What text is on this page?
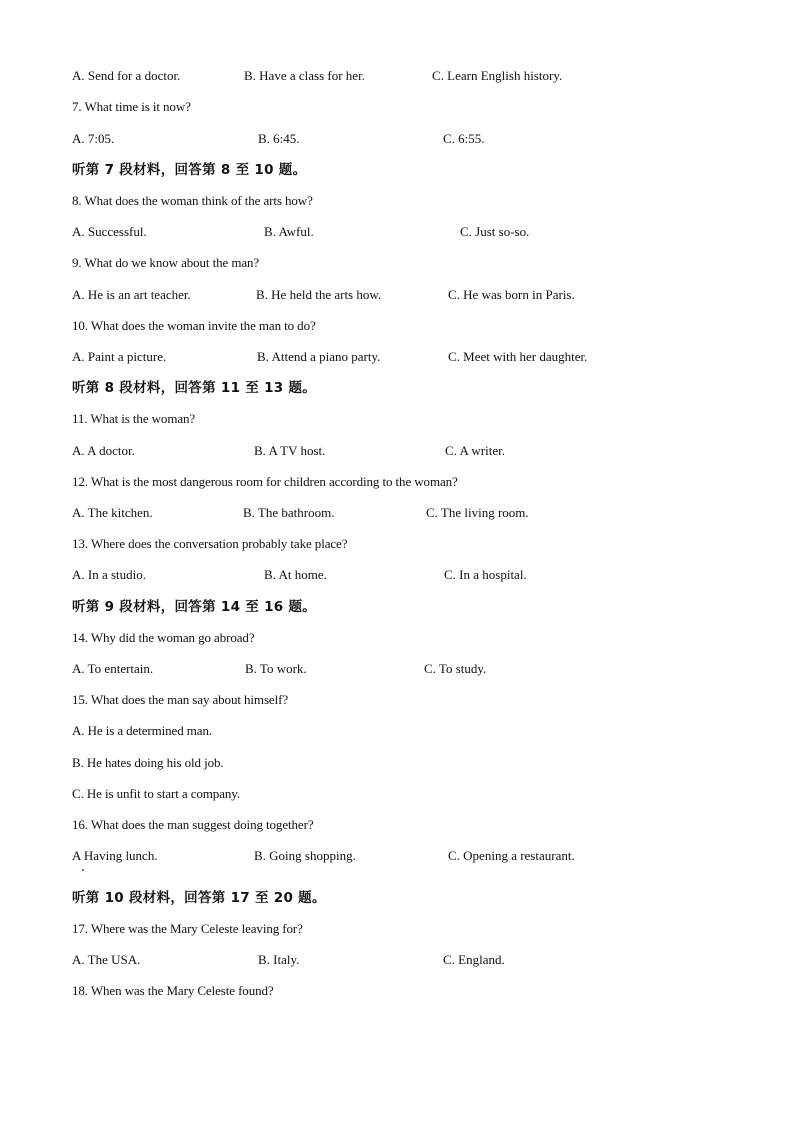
A. Send for a doctor.	B. Have a class for her.	C. Learn English history.
7. What time is it now?
A. 7:05.	B. 6:45.	C. 6:55.
听第 7 段材料，回答第 8 至 10 题。
8. What does the woman think of the arts how?
A. Successful.	B. Awful.	C. Just so-so.
9. What do we know about the man?
A. He is an art teacher.	B. He held the arts how.	C. He was born in Paris.
10. What does the woman invite the man to do?
A. Paint a picture.	B. Attend a piano party.	C. Meet with her daughter.
听第 8 段材料，回答第 11 至 13 题。
11. What is the woman?
A. A doctor.	B. A TV host.	C. A writer.
12. What is the most dangerous room for children according to the woman?
A. The kitchen.	B. The bathroom.	C. The living room.
13. Where does the conversation probably take place?
A. In a studio.	B. At home.	C. In a hospital.
听第 9 段材料，回答第 14 至 16 题。
14. Why did the woman go abroad?
A. To entertain.	B. To work.	C. To study.
15. What does the man say about himself?
A. He is a determined man.
B. He hates doing his old job.
C. He is unfit to start a company.
16. What does the man suggest doing together?
A Having lunch.	B. Going shopping.	C. Opening a restaurant.
听第 10 段材料，回答第 17 至 20 题。
17. Where was the Mary Celeste leaving for?
A. The USA.	B. Italy.	C. England.
18. When was the Mary Celeste found?
